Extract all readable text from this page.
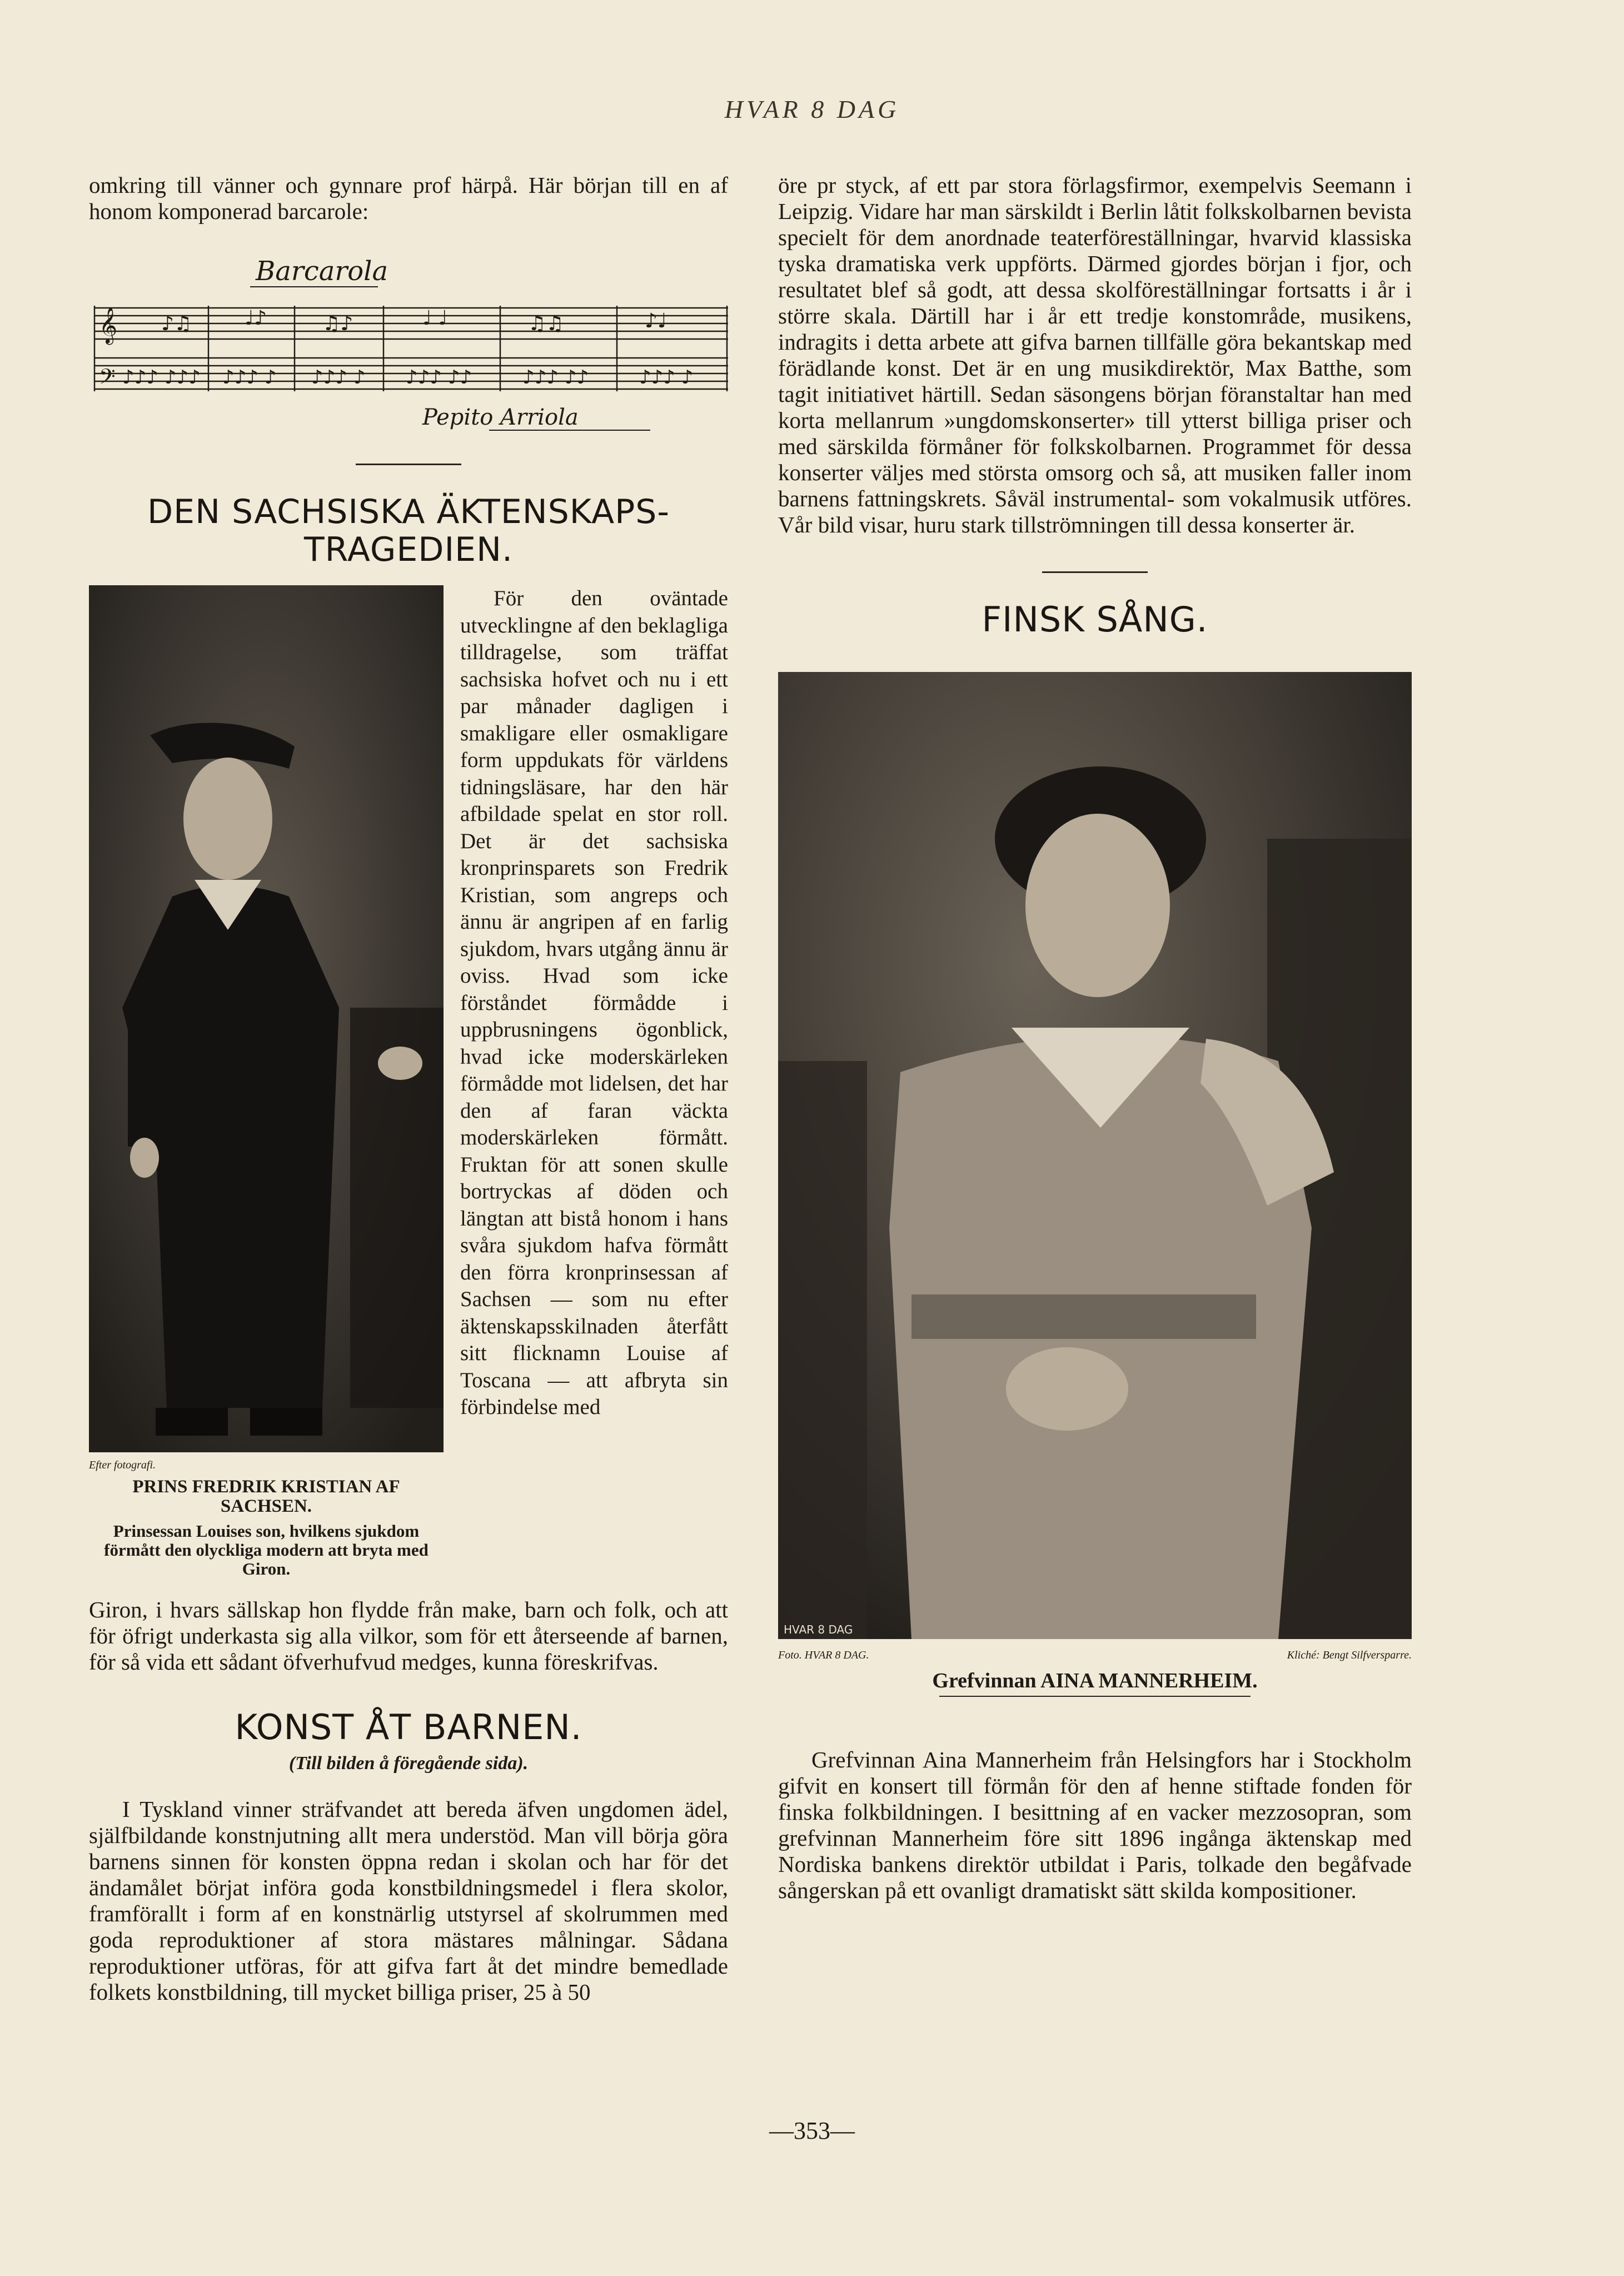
HVAR 8 DAG

omkring till vänner och gynnare prof härpå. Här början till en af honom komponerad barcarole:

Barcarola
𝄞
𝄢
♪♫	♩♪	♫♪	♩ ♩	♫♫	♪♩
♪♪♪ ♪♪♪ ♪♪♪ ♪ ♪♪♪ ♪ ♪♪♪ ♪♪	♪♪♪ ♪♪	♪♪♪ ♪
Pepito Arriola
DEN SACHSISKA ÄKTENSKAPS-
TRAGEDIEN.
Efter fotografi.
PRINS FREDRIK KRISTIAN AF SACHSEN.
Prinsessan Louises son, hvilkens sjukdom förmått den olyckliga modern att bryta med Giron.

För den oväntade utvecklingne af den beklagliga tilldragelse, som träffat sachsiska hofvet och nu i ett par månader dagligen i smakligare eller osmakligare form uppdukats för världens tidningsläsare, har den här afbildade spelat en stor roll. Det är det sachsiska kronprinsparets son Fredrik Kristian, som angreps och ännu är angripen af en farlig sjukdom, hvars utgång ännu är oviss. Hvad som icke förståndet förmådde i uppbrusningens ögonblick, hvad icke moderskärleken förmådde mot lidelsen, det har den af faran väckta moderskärleken förmått. Fruktan för att sonen skulle bortryckas af döden och längtan att bistå honom i hans svåra sjukdom hafva förmått den förra kronprinsessan af Sachsen — som nu efter äktenskapsskilnaden återfått sitt flicknamn Louise af Toscana — att afbryta sin förbindelse med

Giron, i hvars sällskap hon flydde från make, barn och folk, och att för öfrigt underkasta sig alla vilkor, som för ett återseende af barnen, för så vida ett sådant öfverhufvud medges, kunna föreskrifvas.

KONST ÅT BARNEN.
(Till bilden å föregående sida).

I Tyskland vinner sträfvandet att bereda äfven ungdomen ädel, själfbildande konstnjutning allt mera understöd. Man vill börja göra barnens sinnen för konsten öppna redan i skolan och har för det ändamålet börjat införa goda konstbildningsmedel i flera skolor, framförallt i form af en konstnärlig utstyrsel af skolrummen med goda reproduktioner af stora mästares målningar. Sådana reproduktioner utföras, för att gifva fart åt det mindre bemedlade folkets konstbildning, till mycket billiga priser, 25 à 50

öre pr styck, af ett par stora förlagsfirmor, exempelvis Seemann i Leipzig. Vidare har man särskildt i Berlin låtit folkskolbarnen bevista specielt för dem anordnade teaterföreställningar, hvarvid klassiska tyska dramatiska verk uppförts. Därmed gjordes början i fjor, och resultatet blef så godt, att dessa skolföreställningar fortsatts i år i större skala. Därtill har i år ett tredje konstområde, musikens, indragits i detta arbete att gifva barnen tillfälle göra bekantskap med förädlande konst. Det är en ung musikdirektör, Max Batthe, som tagit initiativet härtill. Sedan säsongens början föranstaltar han med korta mellanrum »ungdomskonserter» till ytterst billiga priser och med särskilda förmåner för folkskolbarnen. Programmet för dessa konserter väljes med största omsorg och så, att musiken faller inom barnens fattningskrets. Såväl instrumental- som vokalmusik utföres. Vår bild visar, huru stark tillströmningen till dessa konserter är.

FINSK SÅNG.
HVAR 8 DAG
Foto. HVAR 8 DAG.	Kliché: Bengt Silfversparre.
Grefvinnan AINA MANNERHEIM.

Grefvinnan Aina Mannerheim från Helsingfors har i Stockholm gifvit en konsert till förmån för den af henne stiftade fonden för finska folkbildningen. I besittning af en vacker mezzosopran, som grefvinnan Mannerheim före sitt 1896 ingånga äktenskap med Nordiska bankens direktör utbildat i Paris, tolkade den begåfvade sångerskan på ett ovanligt dramatiskt sätt skilda kompositioner.

—353—
